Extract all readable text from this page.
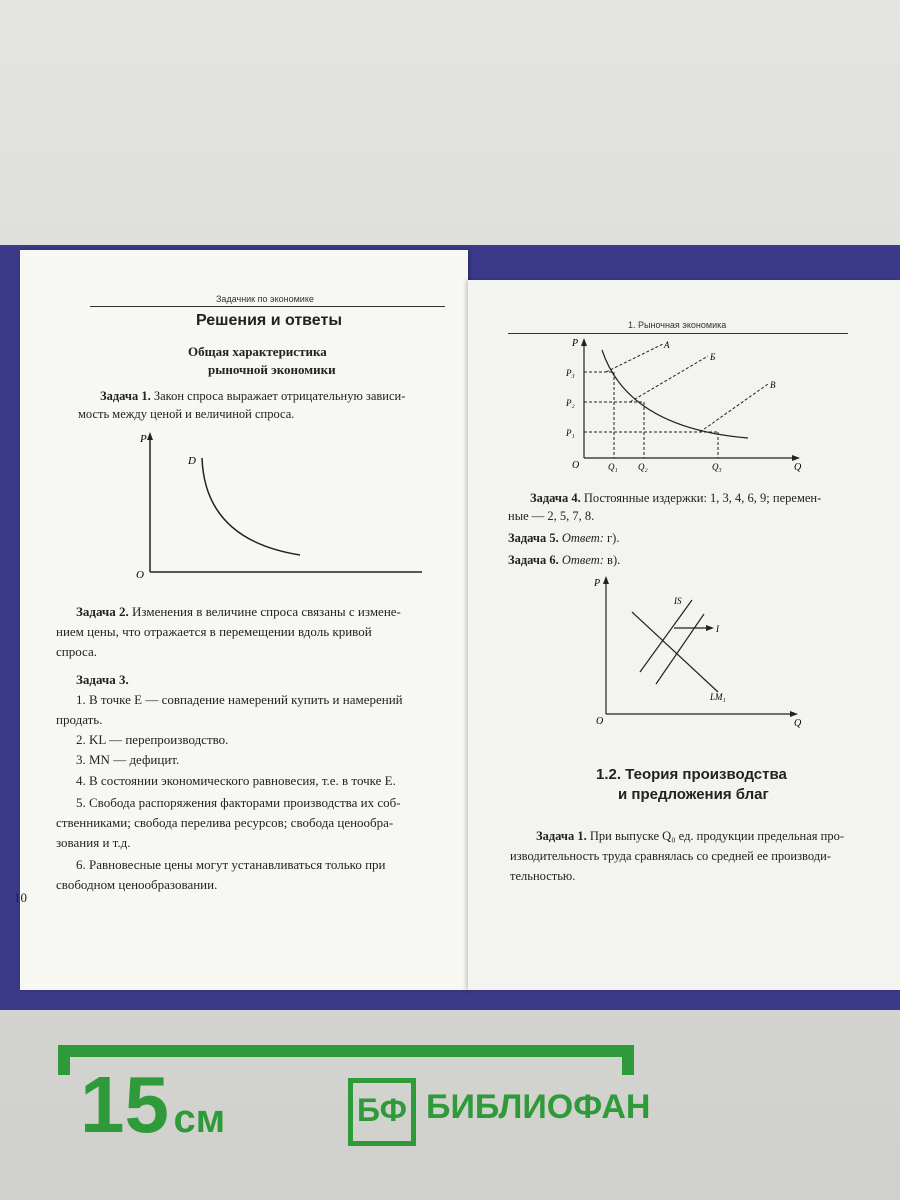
Задачник по экономике
Решения и ответы
Общая характеристика
рыночной экономики
Задача 1. Закон спроса выражает отрицательную зависи-
мость между ценой и величиной спроса.
P
O
D
Задача 2. Изменения в величине спроса связаны с измене-
нием цены, что отражается в перемещении вдоль кривой
спроса.
Задача 3.
1. В точке E — совпадение намерений купить и намерений
продать.
2. KL — перепроизводство.
3. MN — дефицит.
4. В состоянии экономического равновесия, т.е. в точке E.
5. Свобода распоряжения факторами производства их соб-
ственниками; свобода перелива ресурсов; свобода ценообра-
зования и т.д.
6. Равновесные цены могут устанавливаться только при
свободном ценообразовании.
10
1. Рыночная экономика
P
Q
O
P₃
P₂
P₁
Q₁ Q₂	Q₃
A
Б
B
Задача 4. Постоянные издержки: 1, 3, 4, 6, 9; перемен-
ные — 2, 5, 7, 8.
Задача 5. Ответ: г).
Задача 6. Ответ: в).
P
Q
O
IS
I
LM₁
1.2. Теория производства
и предложения благ
Задача 1. При выпуске Q₀ ед. продукции предельная про-
изводительность труда сравнялась со средней ее производи-
тельностью.
15 см	БФ БИБЛИОФАН
